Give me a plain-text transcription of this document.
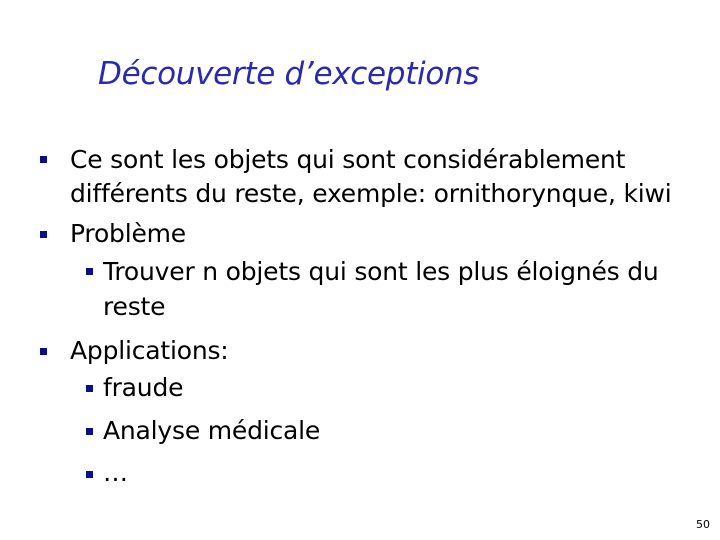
Découverte d’exceptions
Ce sont les objets qui sont considérablement
différents du reste, exemple: ornithorynque, kiwi
Problème
Trouver n objets qui sont les plus éloignés du
reste
Applications:
fraude
Analyse médicale
…
50
